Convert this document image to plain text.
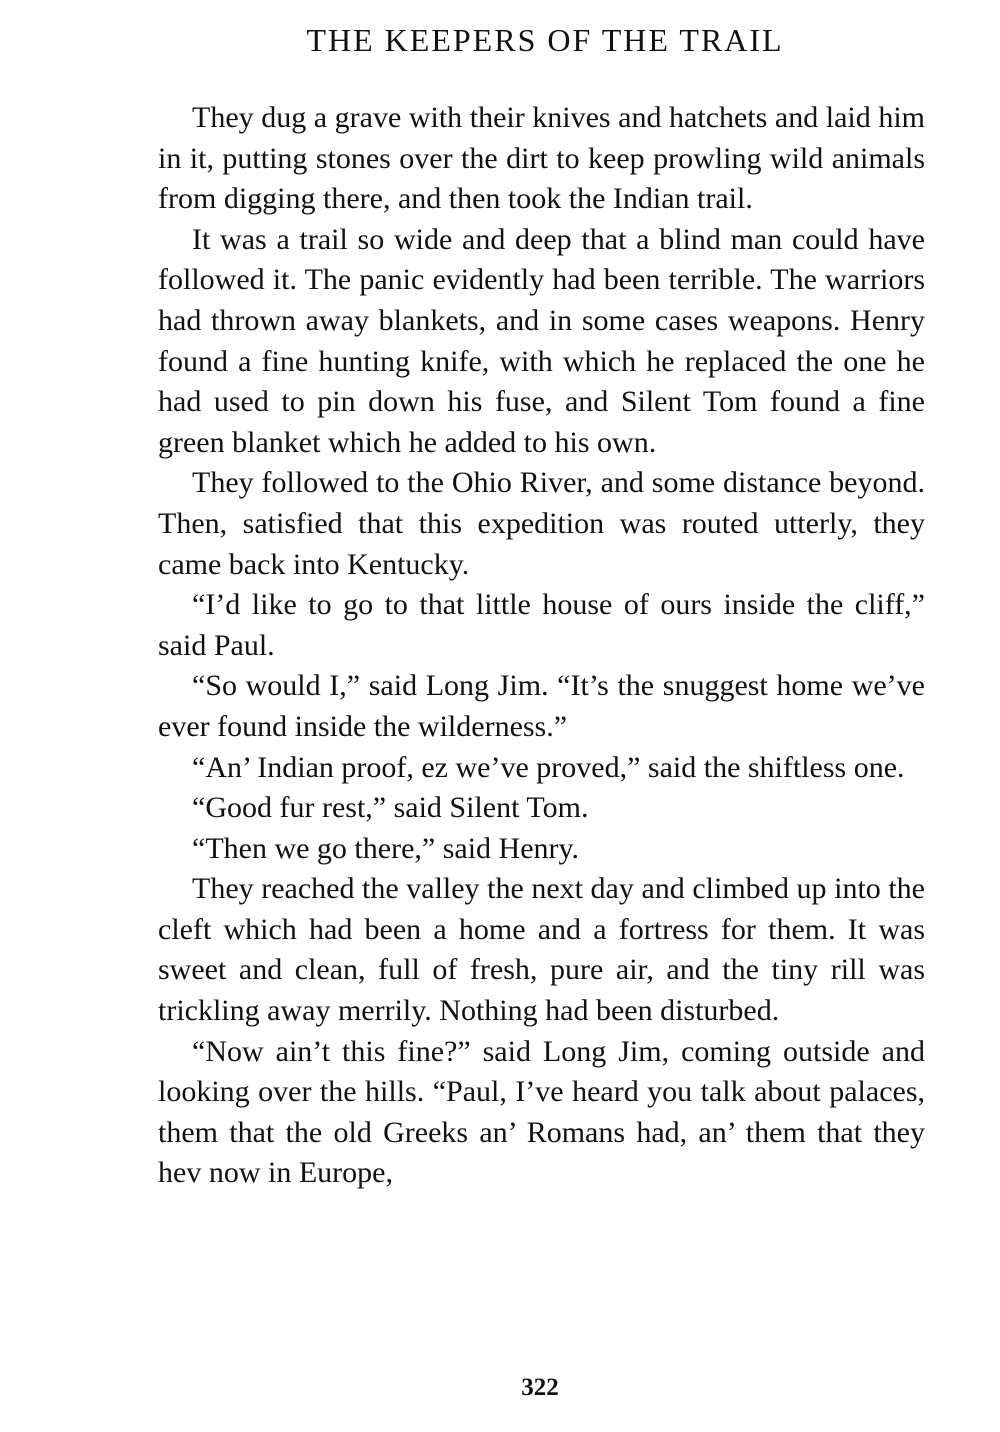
THE KEEPERS OF THE TRAIL

They dug a grave with their knives and hatchets and laid him in it, putting stones over the dirt to keep prowling wild animals from digging there, and then took the Indian trail.

It was a trail so wide and deep that a blind man could have followed it. The panic evidently had been terrible. The warriors had thrown away blankets, and in some cases weapons. Henry found a fine hunting knife, with which he replaced the one he had used to pin down his fuse, and Silent Tom found a fine green blanket which he added to his own.

They followed to the Ohio River, and some distance beyond. Then, satisfied that this expedition was routed utterly, they came back into Kentucky.

“I’d like to go to that little house of ours inside the cliff,” said Paul.

“So would I,” said Long Jim. “It’s the snuggest home we’ve ever found inside the wilderness.”

“An’ Indian proof, ez we’ve proved,” said the shiftless one.

“Good fur rest,” said Silent Tom.

“Then we go there,” said Henry.

They reached the valley the next day and climbed up into the cleft which had been a home and a fortress for them. It was sweet and clean, full of fresh, pure air, and the tiny rill was trickling away merrily. Nothing had been disturbed.

“Now ain’t this fine?” said Long Jim, coming outside and looking over the hills. “Paul, I’ve heard you talk about palaces, them that the old Greeks an’ Romans had, an’ them that they hev now in Europe,

322
